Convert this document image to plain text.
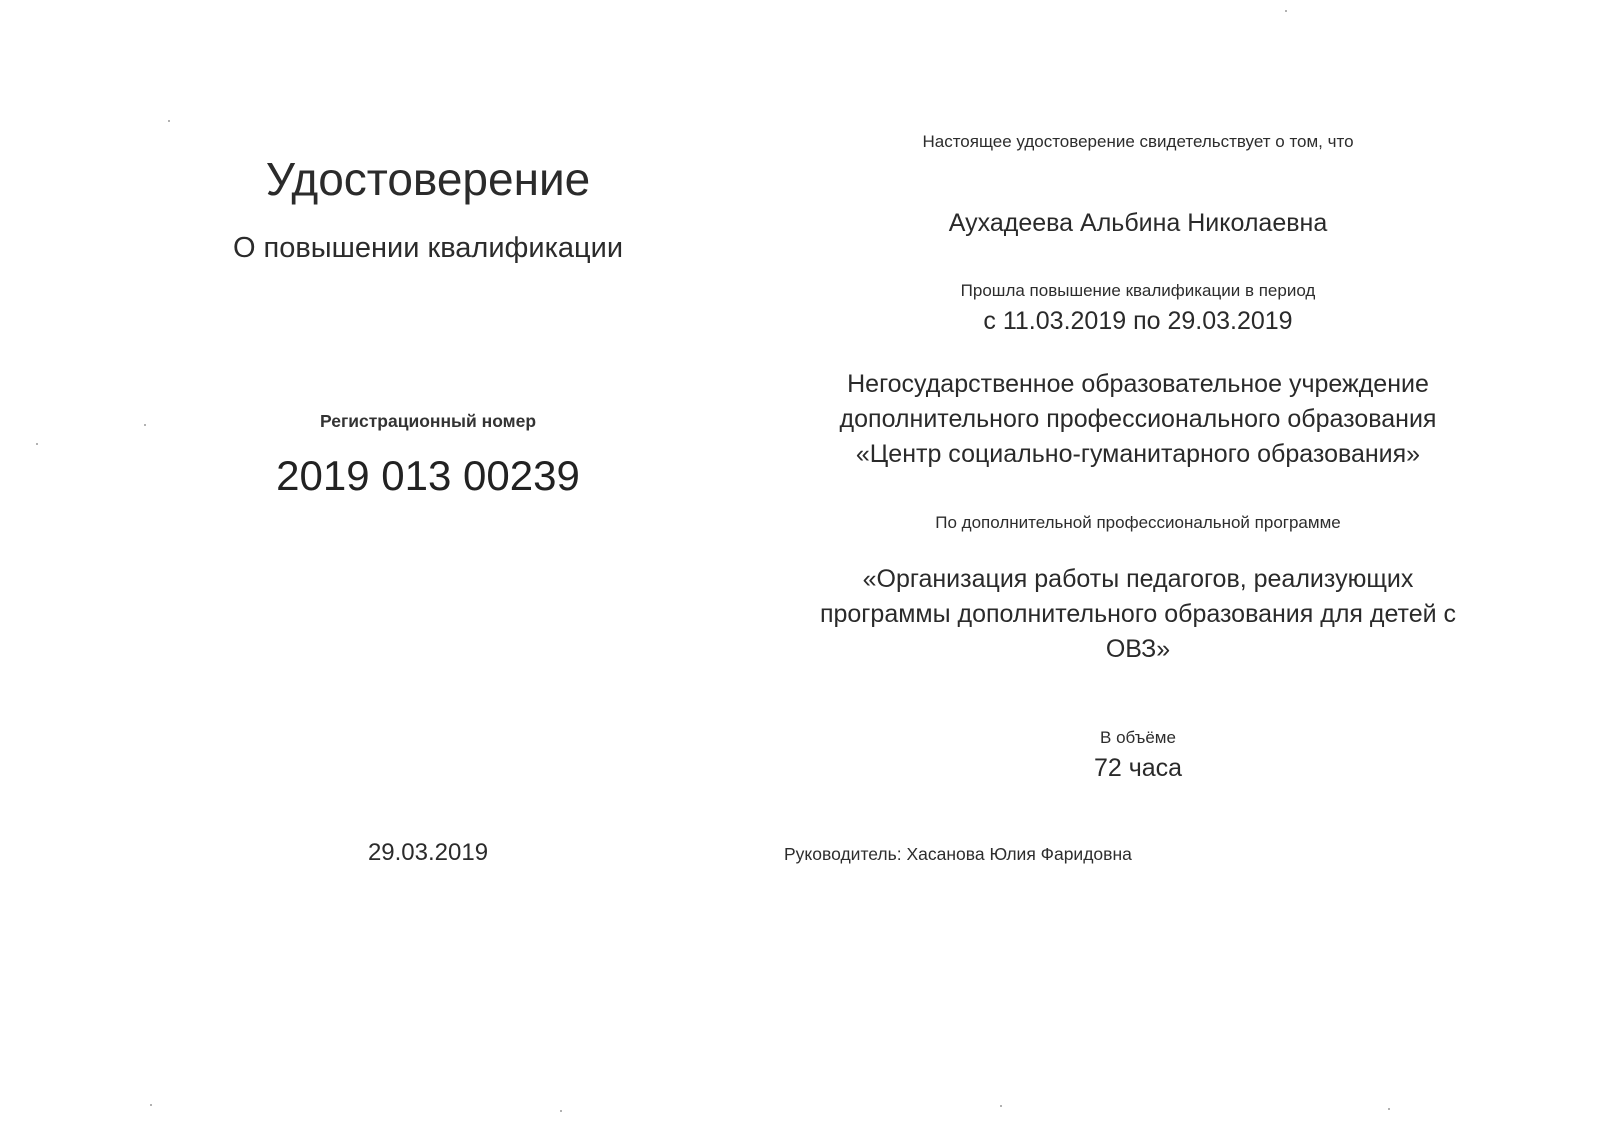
Удостоверение
О повышении квалификации
Регистрационный номер
2019 013 00239
29.03.2019
Настоящее удостоверение свидетельствует о том, что
Аухадеева Альбина Николаевна
Прошла повышение квалификации в период
с 11.03.2019 по 29.03.2019
Негосударственное образовательное учреждение
дополнительного профессионального образования
«Центр социально-гуманитарного образования»
По дополнительной профессиональной программе
«Организация работы педагогов, реализующих
программы дополнительного образования для детей с
ОВЗ»
В объёме
72 часа
Руководитель: Хасанова Юлия Фаридовна
